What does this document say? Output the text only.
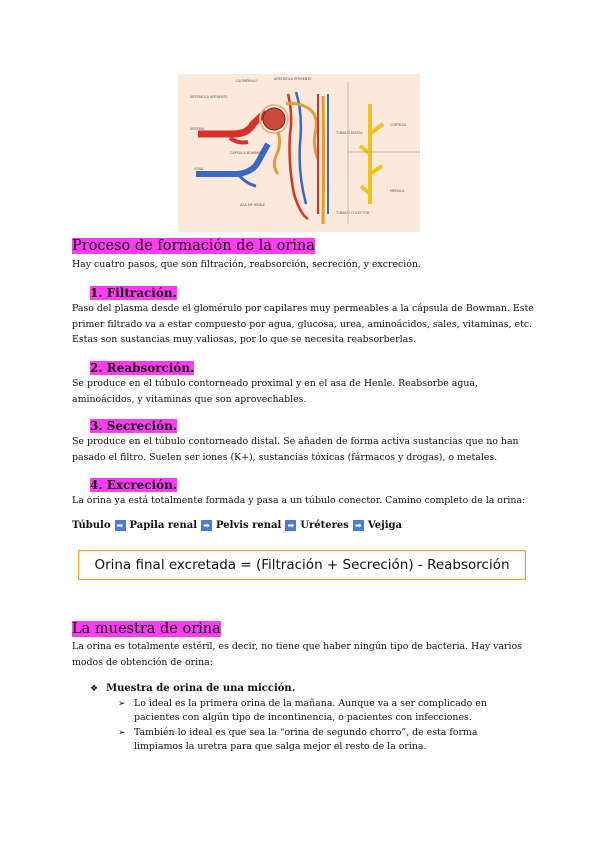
GLOMÉRULO	ARTERIOLA EFERENTE
ARTERIOLA AFERENTE
ARTERIA
CÁPSULA BOWMAN
VENA
TÚBULO DISTAL
CORTEZA
MÉDULA
ASA DE HENLE
TÚBULO COLECTOR
Proceso de formación de la orina

Hay cuatro pasos, que son filtración, reabsorción, secreción, y excreción.

1. Filtración.

Paso del plasma desde el glomérulo por capilares muy permeables a la cápsula de Bowman. Este primer filtrado va a estar compuesto por agua, glucosa, urea, aminoácidos, sales, vitaminas, etc. Estas son sustancias muy valiosas, por lo que se necesita reabsorberlas.

2. Reabsorción.

Se produce en el túbulo contorneado proximal y en el asa de Henle. Reabsorbe agua, aminoácidos, y vitaminas que son aprovechables.

3. Secreción.

Se produce en el túbulo contorneado distal. Se añaden de forma activa sustancias que no han pasado el filtro. Suelen ser iones (K+), sustancias tóxicas (fármacos y drogas), o metales.

4. Excreción.

La orina ya está totalmente formada y pasa a un túbulo conector. Camino completo de la orina:

Túbulo ➡ Papila renal ➡ Pelvis renal ➡ Uréteres ➡ Vejiga
Orina final excretada = (Filtración + Secreción) - Reabsorción
La muestra de orina

La orina es totalmente estéril, es decir, no tiene que haber ningún tipo de bacteria. Hay varios modos de obtención de orina:

❖ Muestra de orina de una micción.
➢ Lo ideal es la primera orina de la mañana. Aunque va a ser complicado en pacientes con algún tipo de incontinencia, o pacientes con infecciones.
➢ También lo ideal es que sea la “orina de segundo chorro”, de esta forma limpiamos la uretra para que salga mejor el resto de la orina.
